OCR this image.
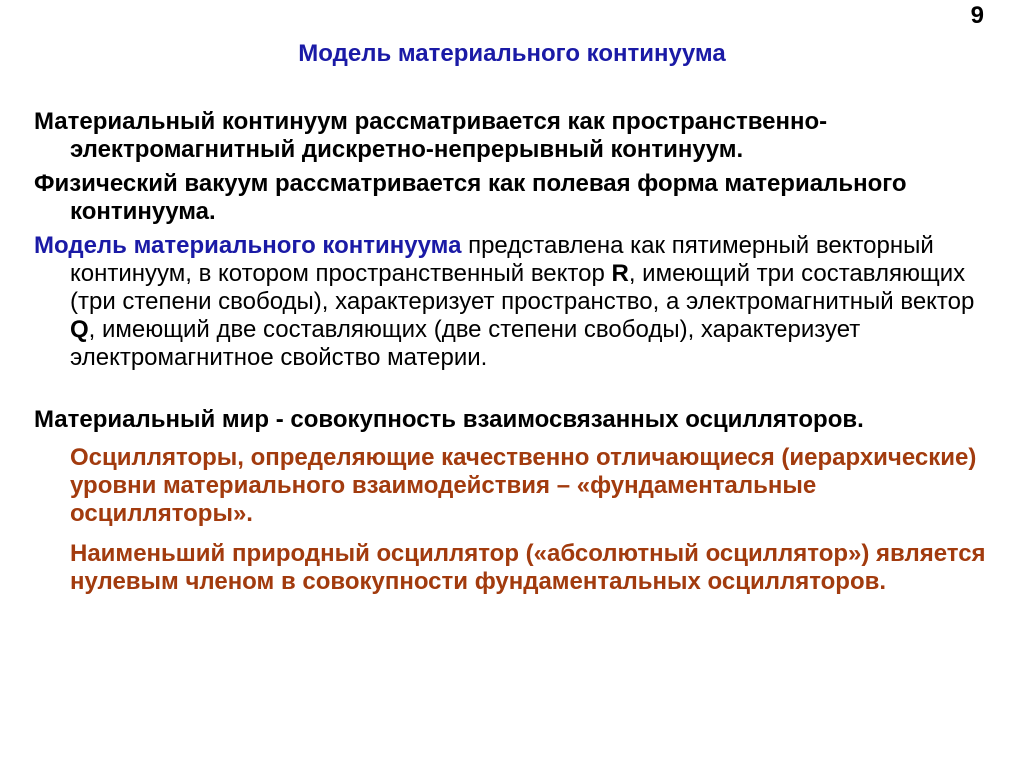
9
Модель материального континуума

Материальный континуум рассматривается как пространственно-электромагнитный дискретно-непрерывный континуум.

Физический вакуум рассматривается как полевая форма материального континуума.

Модель материального континуума представлена как пятимерный векторный континуум, в котором пространственный вектор R, имеющий три составляющих (три степени свободы), характеризует пространство, а электромагнитный вектор Q, имеющий две составляющих (две степени свободы), характеризует электромагнитное свойство материи.

Материальный мир - совокупность взаимосвязанных осцилляторов.

Осцилляторы, определяющие качественно отличающиеся (иерархические) уровни материального взаимодействия – «фундаментальные осцилляторы».

Наименьший природный осциллятор («абсолютный осциллятор») является нулевым членом в совокупности фундаментальных осцилляторов.
